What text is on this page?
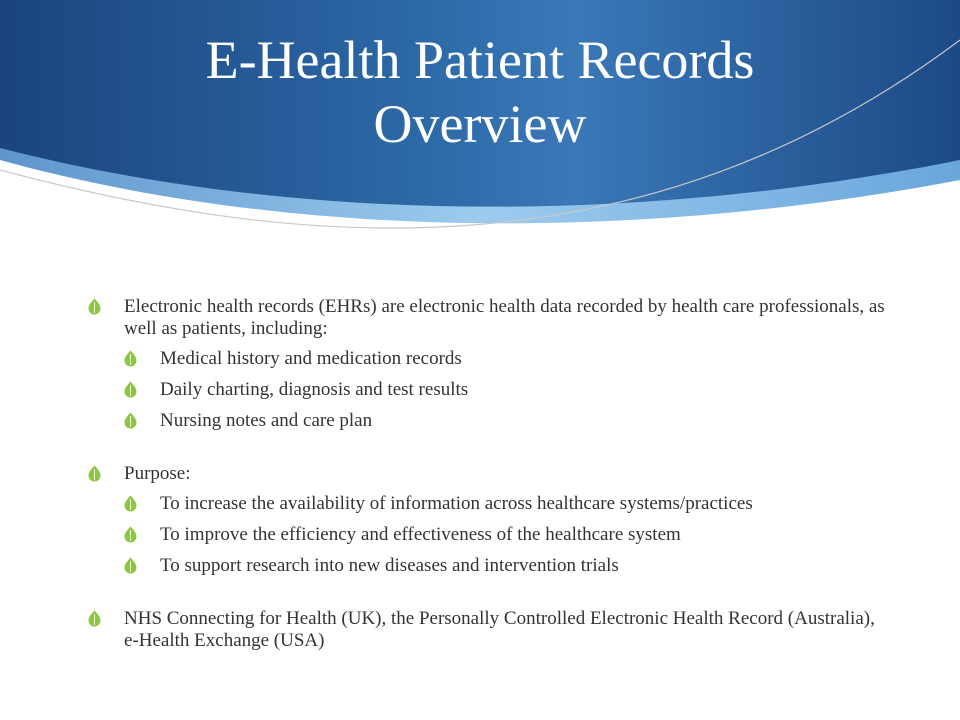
E-Health Patient Records
Overview
Electronic health records (EHRs) are electronic health data recorded by health care professionals, as well as patients, including:
Medical history and medication records
Daily charting, diagnosis and test results
Nursing notes and care plan
Purpose:
To increase the availability of information across healthcare systems/practices
To improve the efficiency and effectiveness of the healthcare system
To support research into new diseases and intervention trials
NHS Connecting for Health (UK), the Personally Controlled Electronic Health Record (Australia), e-Health Exchange (USA)
